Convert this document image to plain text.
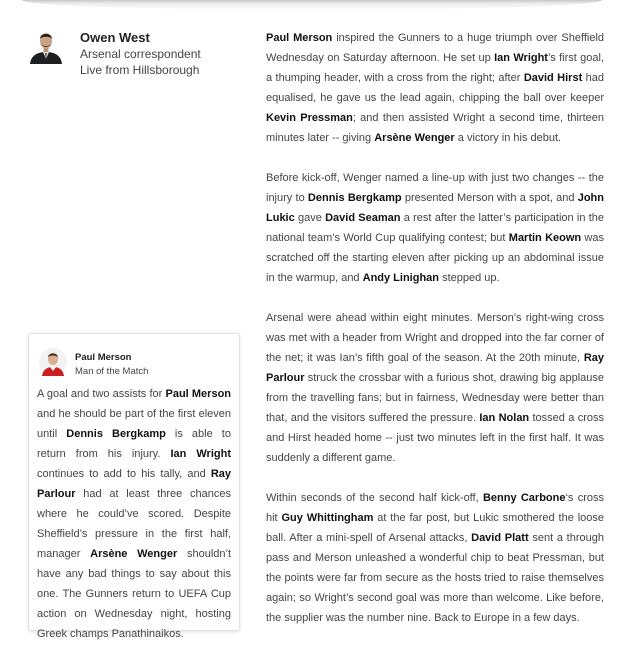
Owen West
Arsenal correspondent
Live from Hillsborough

Paul Merson inspired the Gunners to a huge triumph over Sheffield Wednesday on Saturday afternoon. He set up Ian Wright’s first goal, a thumping header, with a cross from the right; after David Hirst had equalised, he gave us the lead again, chipping the ball over keeper Kevin Pressman; and then assisted Wright a second time, thirteen minutes later -- giving Arsène Wenger a victory in his debut.

Before kick-off, Wenger named a line-up with just two changes -- the injury to Dennis Bergkamp presented Merson with a spot, and John Lukic gave David Seaman a rest after the latter’s participation in the national team’s World Cup qualifying contest; but Martin Keown was scratched off the starting eleven after picking up an abdominal issue in the warmup, and Andy Linighan stepped up.

Arsenal were ahead within eight minutes. Merson’s right-wing cross was met with a header from Wright and dropped into the far corner of the net; it was Ian’s fifth goal of the season. At the 20th minute, Ray Parlour struck the crossbar with a furious shot, drawing big applause from the travelling fans; but in fairness, Wednesday were better than that, and the visitors suffered the pressure. Ian Nolan tossed a cross and Hirst headed home -- just two minutes left in the first half. It was suddenly a different game.

Within seconds of the second half kick-off, Benny Carbone‘s cross hit Guy Whittingham at the far post, but Lukic smothered the loose ball. After a mini-spell of Arsenal attacks, David Platt sent a through pass and Merson unleashed a wonderful chip to beat Pressman, but the points were far from secure as the hosts tried to raise themselves again; so Wright’s second goal was more than welcome. Like before, the supplier was the number nine. Back to Europe in a few days.

Paul Merson
Man of the Match
A goal and two assists for Paul Merson and he should be part of the first eleven until Dennis Bergkamp is able to return from his injury. Ian Wright continues to add to his tally, and Ray Parlour had at least three chances where he could’ve scored. Despite Sheffield’s pressure in the first half, manager Arsène Wenger shouldn’t have any bad things to say about this one. The Gunners return to UEFA Cup action on Wednesday night, hosting Greek champs Panathinaikos.
